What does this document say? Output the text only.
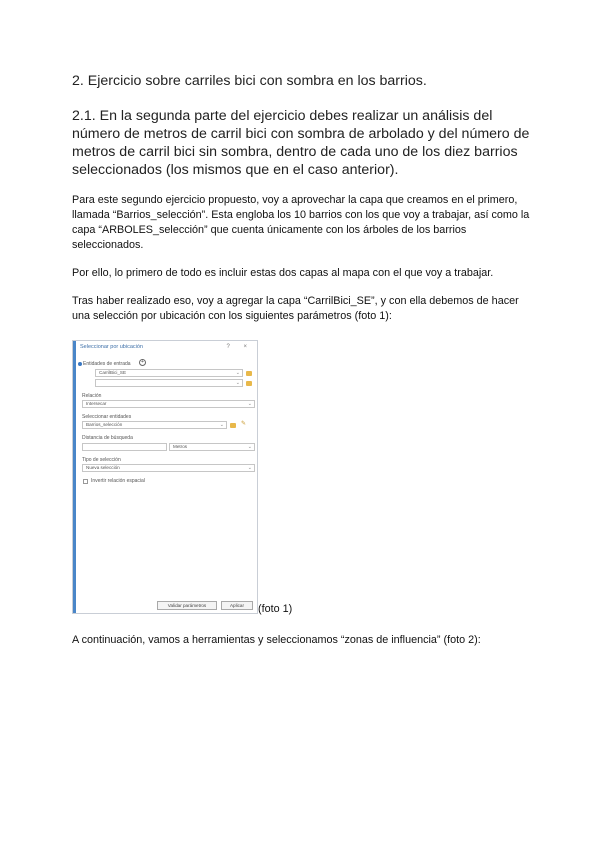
2. Ejercicio sobre carriles bici con sombra en los barrios.
2.1. En la segunda parte del ejercicio debes realizar un análisis del número de metros de carril bici con sombra de arbolado y del número de metros de carril bici sin sombra, dentro de cada uno de los diez barrios seleccionados (los mismos que en el caso anterior).
Para este segundo ejercicio propuesto, voy a aprovechar la capa que creamos en el primero, llamada “Barrios_selección”. Esta engloba los 10 barrios con los que voy a trabajar, así como la capa “ARBOLES_selección” que cuenta únicamente con los árboles de los barrios seleccionados.
Por ello, lo primero de todo es incluir estas dos capas al mapa con el que voy a trabajar.
Tras haber realizado eso, voy a agregar la capa “CarrilBici_SE”, y con ella debemos de hacer una selección por ubicación con los siguientes parámetros (foto 1):
Seleccionar por ubicación	? ×
Entidades de entrada	+
CarrilBici_SE	⌄
⌄
Relación
Intersecar	⌄
Seleccionar entidades
Barrios_selección	⌄	✎
Distancia de búsqueda
Metros	⌄
Tipo de selección
Nueva selección	⌄
Invertir relación espacial
Validar parámetros	Aplicar	(foto 1)
A continuación, vamos a herramientas y seleccionamos “zonas de influencia” (foto 2):
